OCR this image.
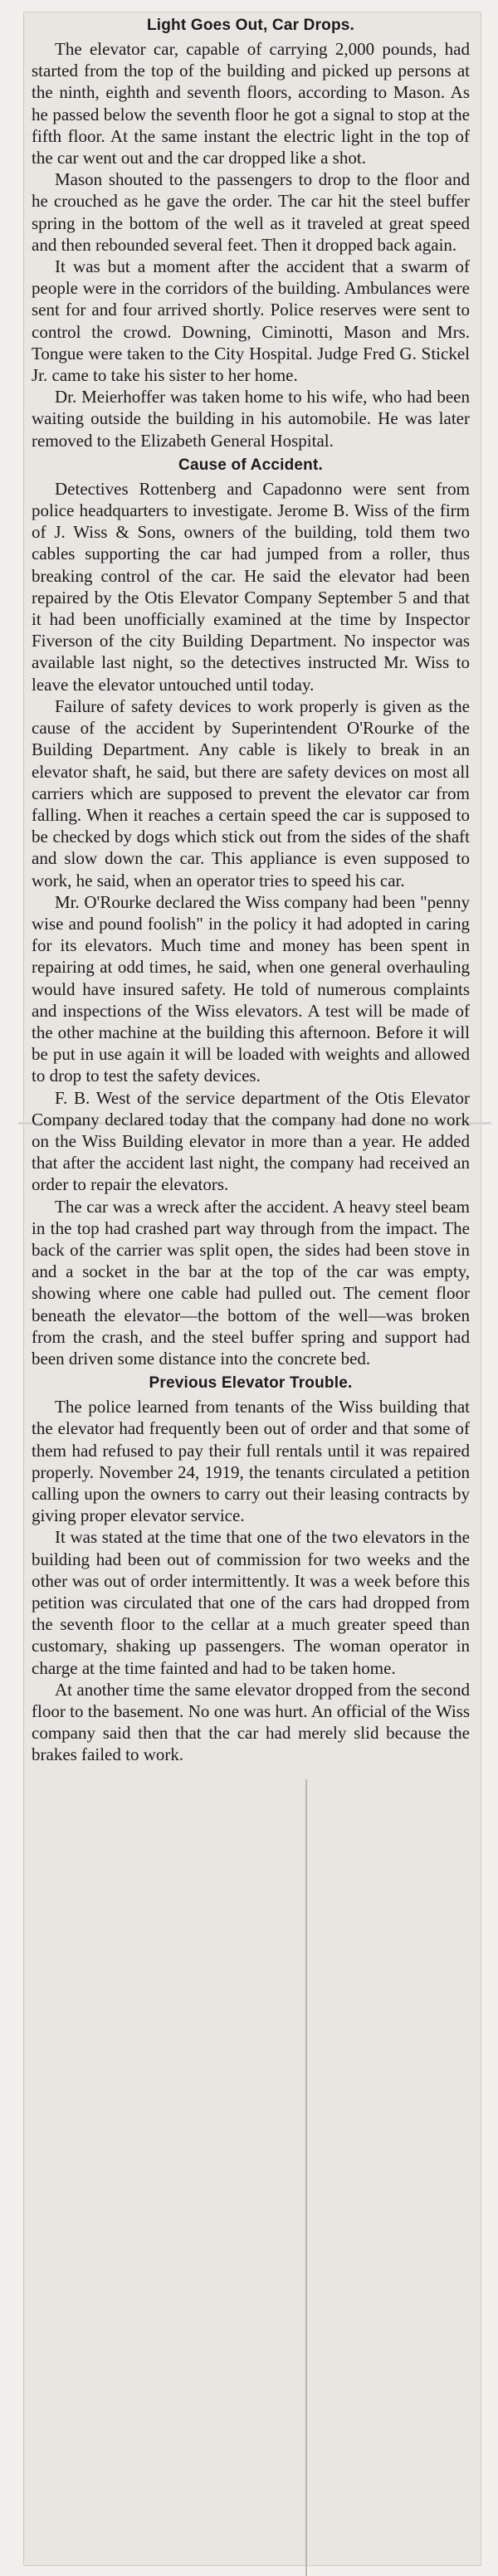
Light Goes Out, Car Drops.

The elevator car, capable of carrying 2,000 pounds, had started from the top of the building and picked up persons at the ninth, eighth and seventh floors, according to Mason. As he passed below the seventh floor he got a signal to stop at the fifth floor. At the same instant the electric light in the top of the car went out and the car dropped like a shot.

Mason shouted to the passengers to drop to the floor and he crouched as he gave the order. The car hit the steel buffer spring in the bottom of the well as it traveled at great speed and then rebounded several feet. Then it dropped back again.

It was but a moment after the accident that a swarm of people were in the corridors of the building. Ambulances were sent for and four arrived shortly. Police reserves were sent to control the crowd. Downing, Ciminotti, Mason and Mrs. Tongue were taken to the City Hospital. Judge Fred G. Stickel Jr. came to take his sister to her home.

Dr. Meierhoffer was taken home to his wife, who had been waiting outside the building in his automobile. He was later removed to the Elizabeth General Hospital.

Cause of Accident.

Detectives Rottenberg and Capadonno were sent from police headquarters to investigate. Jerome B. Wiss of the firm of J. Wiss & Sons, owners of the building, told them two cables supporting the car had jumped from a roller, thus breaking control of the car. He said the elevator had been repaired by the Otis Elevator Company September 5 and that it had been unofficially examined at the time by Inspector Fiverson of the city Building Department. No inspector was available last night, so the detectives instructed Mr. Wiss to leave the elevator untouched until today.

Failure of safety devices to work properly is given as the cause of the accident by Superintendent O'Rourke of the Building Department. Any cable is likely to break in an elevator shaft, he said, but there are safety devices on most all carriers which are supposed to prevent the elevator car from falling. When it reaches a certain speed the car is supposed to be checked by dogs which stick out from the sides of the shaft and slow down the car. This appliance is even supposed to work, he said, when an operator tries to speed his car.

Mr. O'Rourke declared the Wiss company had been "penny wise and pound foolish" in the policy it had adopted in caring for its elevators. Much time and money has been spent in repairing at odd times, he said, when one general overhauling would have insured safety. He told of numerous complaints and inspections of the Wiss elevators. A test will be made of the other machine at the building this afternoon. Before it will be put in use again it will be loaded with weights and allowed to drop to test the safety devices.

F. B. West of the service department of the Otis Elevator Company declared today that the company had done no work on the Wiss Building elevator in more than a year. He added that after the accident last night, the company had received an order to repair the elevators.

The car was a wreck after the accident. A heavy steel beam in the top had crashed part way through from the impact. The back of the carrier was split open, the sides had been stove in and a socket in the bar at the top of the car was empty, showing where one cable had pulled out. The cement floor beneath the elevator—the bottom of the well—was broken from the crash, and the steel buffer spring and support had been driven some distance into the concrete bed.

Previous Elevator Trouble.

The police learned from tenants of the Wiss building that the elevator had frequently been out of order and that some of them had refused to pay their full rentals until it was repaired properly. November 24, 1919, the tenants circulated a petition calling upon the owners to carry out their leasing contracts by giving proper elevator service.

It was stated at the time that one of the two elevators in the building had been out of commission for two weeks and the other was out of order intermittently. It was a week before this petition was circulated that one of the cars had dropped from the seventh floor to the cellar at a much greater speed than customary, shaking up passengers. The woman operator in charge at the time fainted and had to be taken home.

At another time the same elevator dropped from the second floor to the basement. No one was hurt. An official of the Wiss company said then that the car had merely slid because the brakes failed to work.
